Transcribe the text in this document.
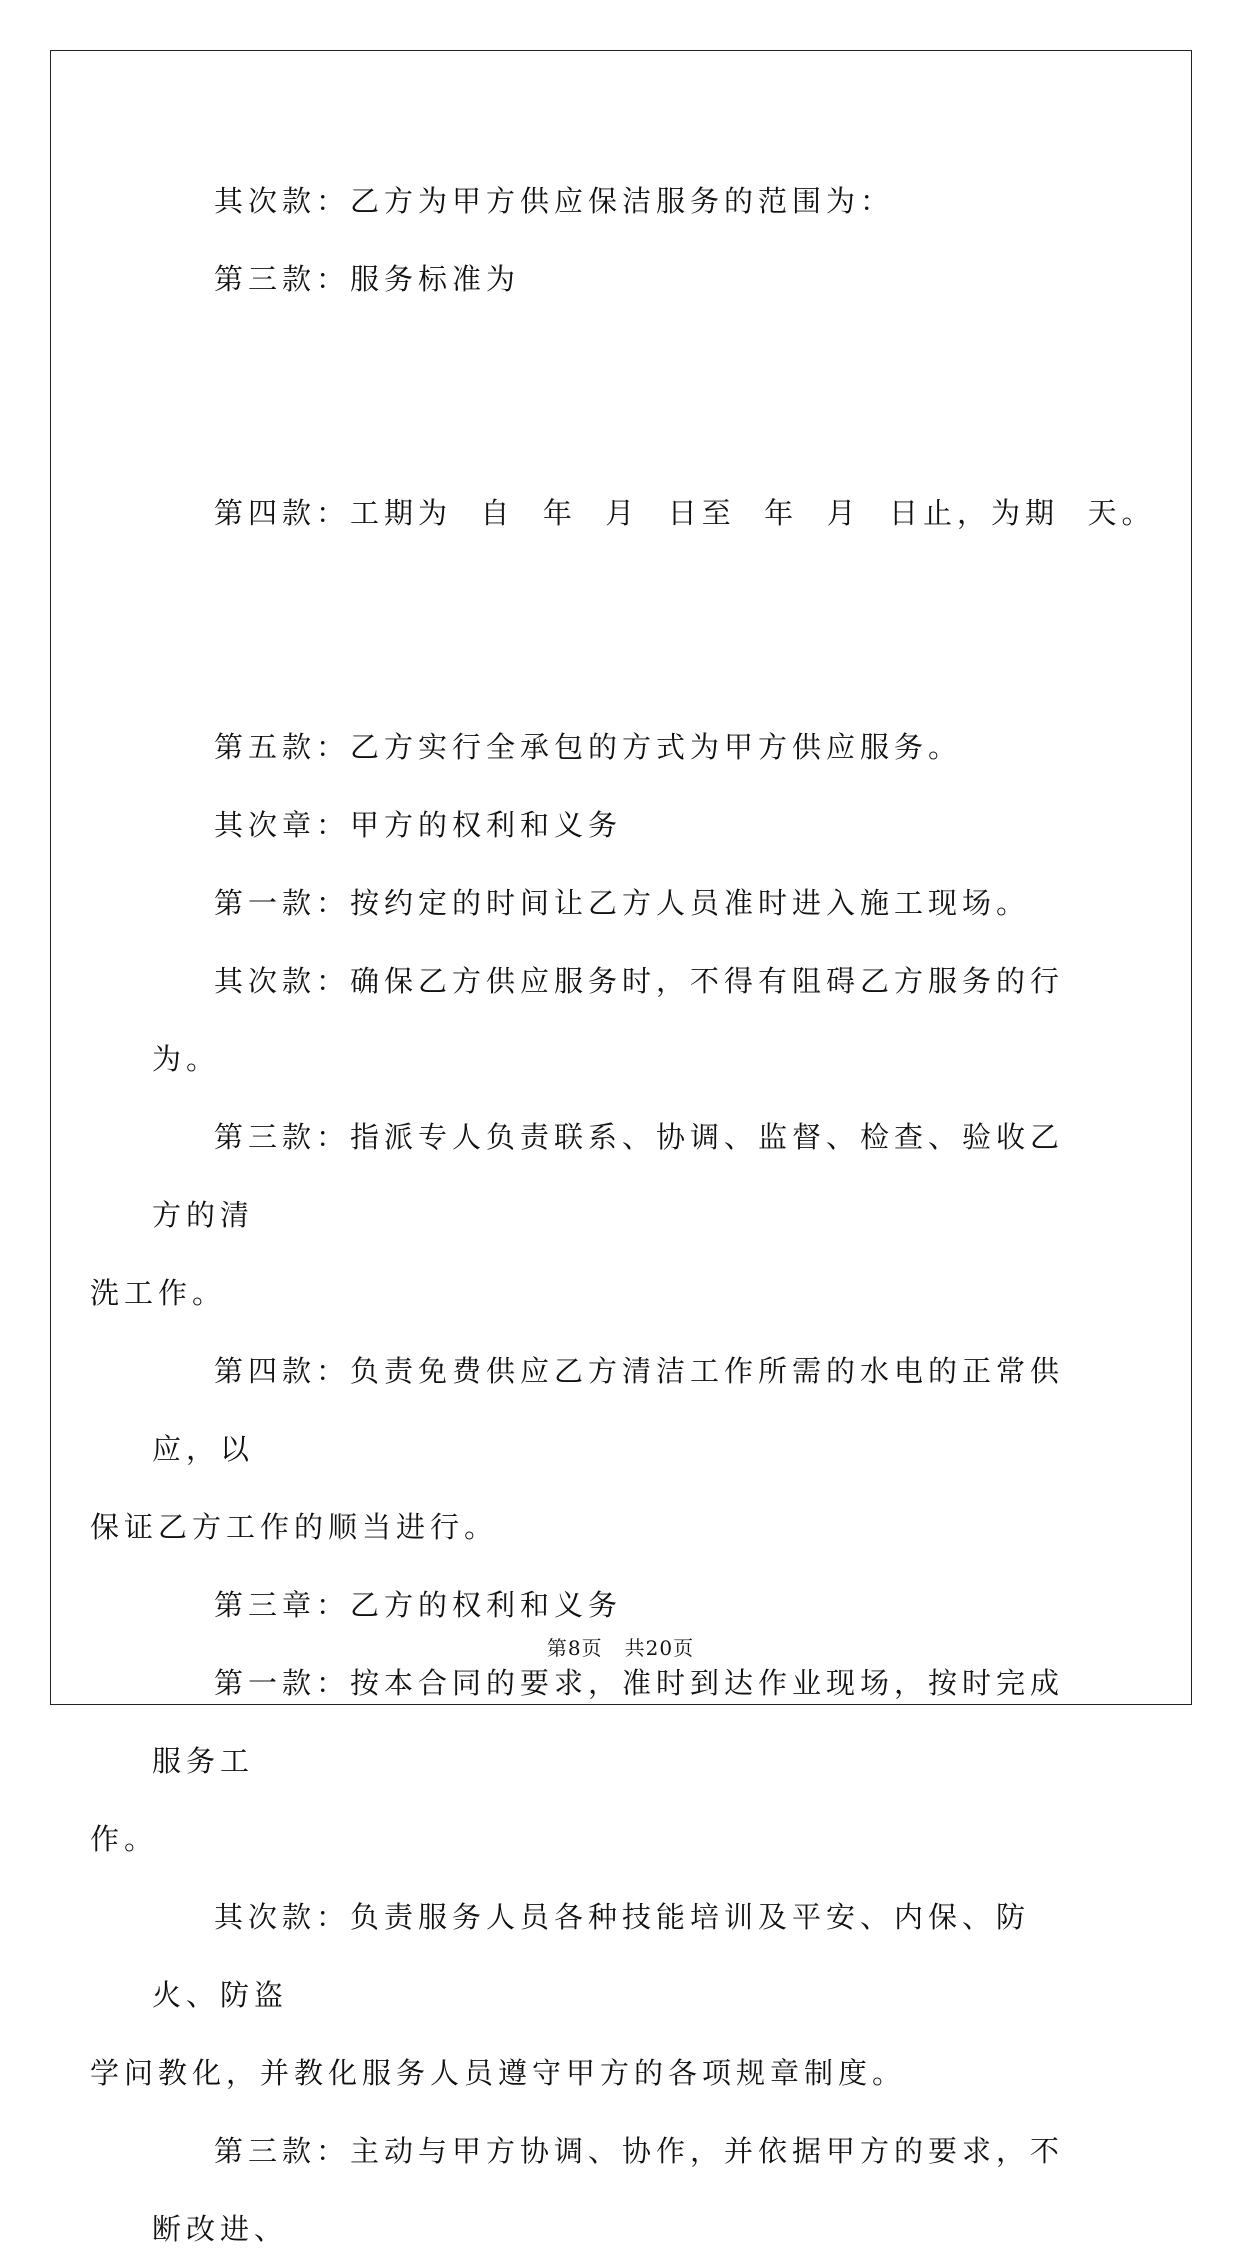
其次款：乙方为甲方供应保洁服务的范围为：

第三款：服务标准为

第四款：工期为  自  年  月  日至  年  月  日止，为期  天。

第五款：乙方实行全承包的方式为甲方供应服务。

其次章：甲方的权利和义务

第一款：按约定的时间让乙方人员准时进入施工现场。

其次款：确保乙方供应服务时，不得有阻碍乙方服务的行为。

第三款：指派专人负责联系、协调、监督、检查、验收乙方的清
洗工作。

第四款：负责免费供应乙方清洁工作所需的水电的正常供应，以
保证乙方工作的顺当进行。

第三章：乙方的权利和义务

第一款：按本合同的要求，准时到达作业现场，按时完成服务工
作。

其次款：负责服务人员各种技能培训及平安、内保、防火、防盗
学问教化，并教化服务人员遵守甲方的各项规章制度。

第三款：主动与甲方协调、协作，并依据甲方的要求，不断改进、

第8页 共20页
